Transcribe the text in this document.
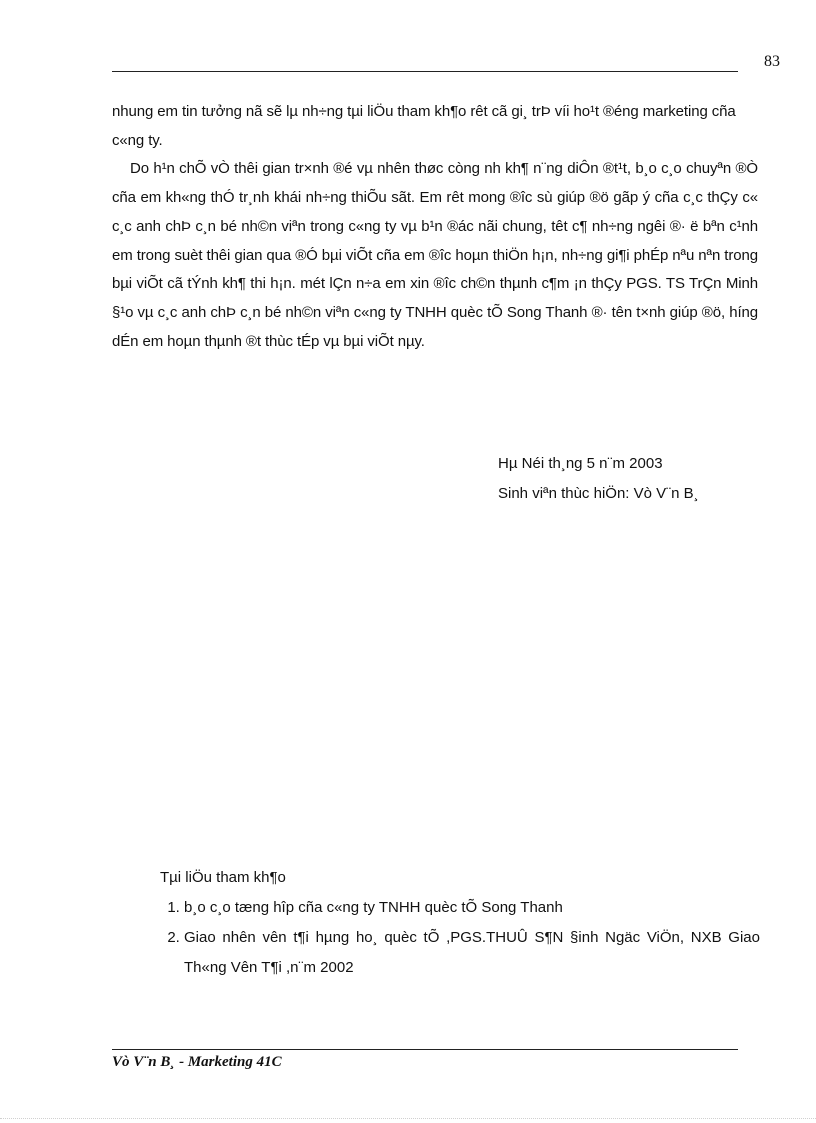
83

nhung em tin tưởng nã sẽ lµ nh÷ng tµi liÖu tham kh¶o rêt cã gi¸ trÞ víi ho¹t ®éng marketing cña c«ng ty.

Do h¹n chÕ vÒ thêi gian tr×nh ®é vµ nhên thøc còng nh kh¶ n¨ng diÔn ®t¹t, b¸o c¸o chuyªn ®Ò cña em kh«ng thÓ tr¸nh khái nh÷ng thiÕu sãt. Em rêt mong ®îc sù giúp ®ö gãp ý cña c¸c thÇy c« c¸c anh chÞ c¸n bé nh©n viªn trong c«ng ty vµ b¹n ®ác nãi chung, têt c¶ nh÷ng ngêi ®· ë bªn c¹nh em trong suèt thêi gian qua ®Ó bµi viÕt cña em ®îc hoµn thiÖn h¡n, nh÷ng gi¶i phÉp nªu nªn trong bµi viÕt cã tÝnh kh¶ thi h¡n. mét lÇn n÷a em xin ®îc ch©n thµnh c¶m ¡n thÇy PGS. TS TrÇn Minh §¹o vµ c¸c anh chÞ c¸n bé nh©n viªn c«ng ty TNHH quèc tÕ Song Thanh ®· tên t×nh giúp ®ö, híng dÉn em hoµn thµnh ®t thùc tÉp vµ bµi viÕt nµy.

Hµ Néi th¸ng 5 n¨m 2003
Sinh viªn thùc hiÖn: Vò V¨n B¸
Tµi liÖu tham kh¶o
1. b¸o c¸o tæng hîp cña c«ng ty TNHH quèc tÕ Song Thanh
2. Giao nhên vên t¶i hµng ho¸ quèc tÕ ,PGS.THUÛ S¶N §inh Ngäc ViÖn, NXB Giao Th«ng Vên T¶i ,n¨m 2002
Vò V¨n B¸ - Marketing 41C
